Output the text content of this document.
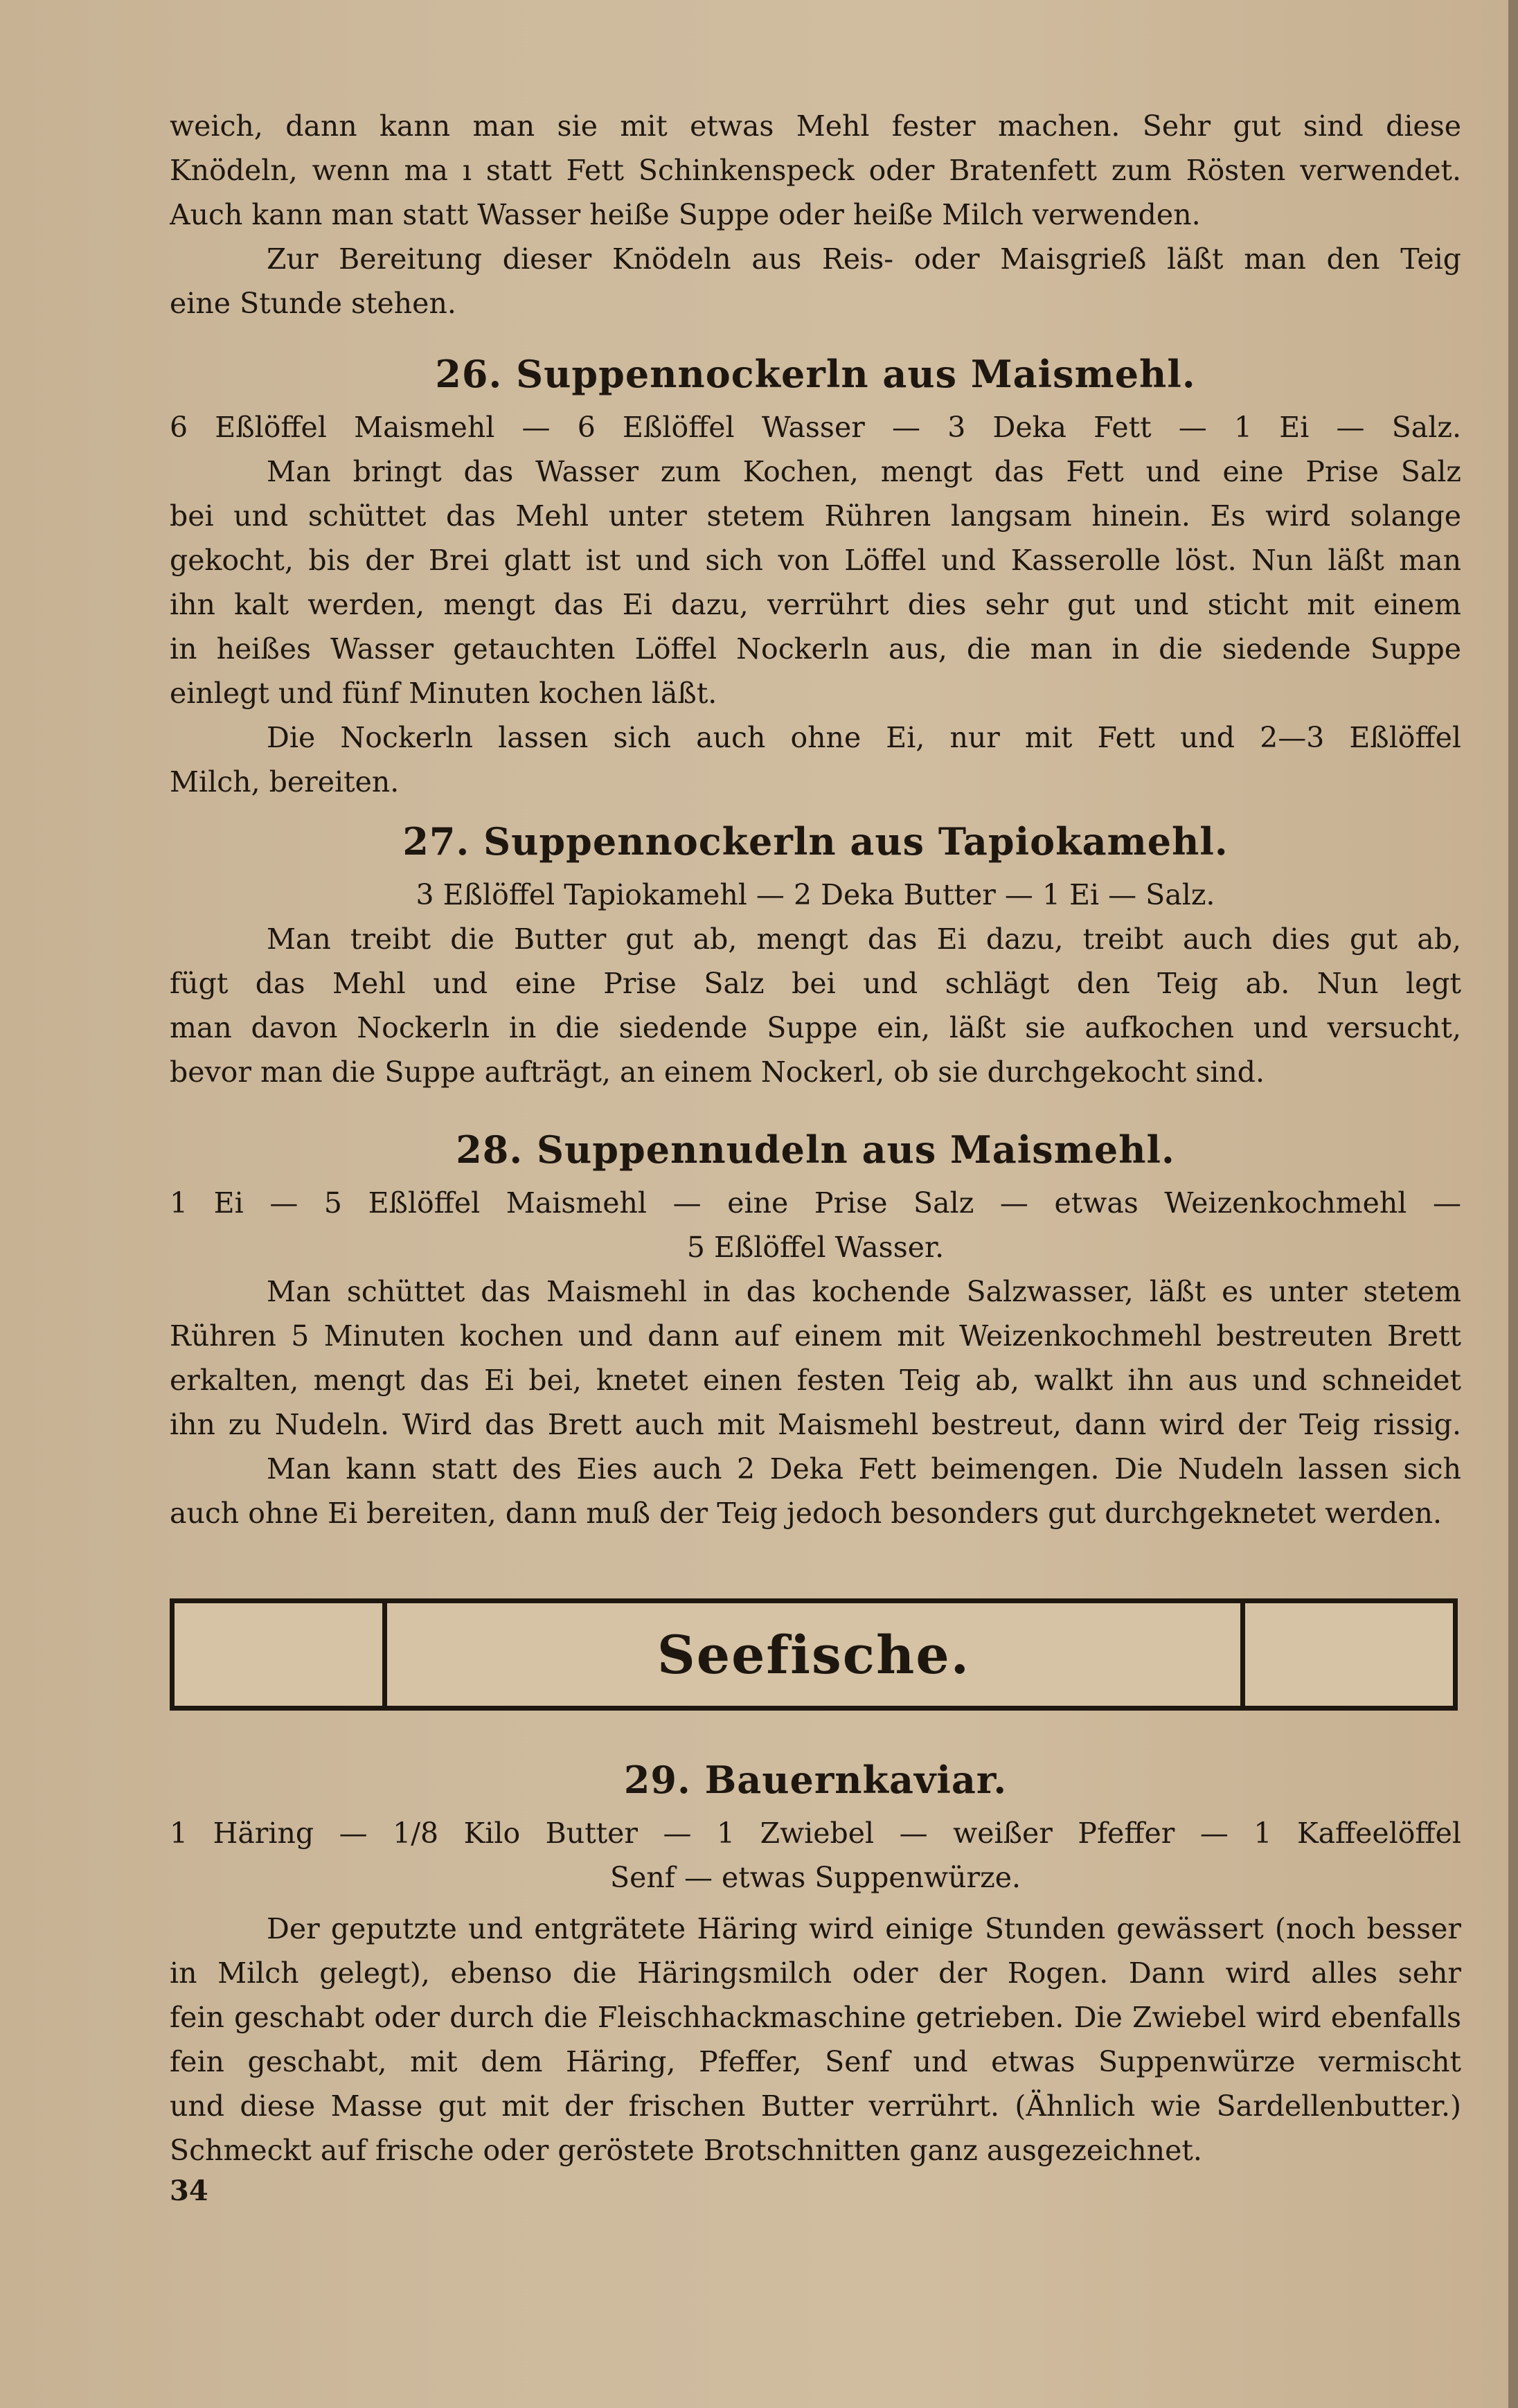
weich, dann kann man sie mit etwas Mehl fester machen. Sehr gut sind diese

Knödeln, wenn ma ı statt Fett Schinkenspeck oder Bratenfett zum Rösten verwendet.

Auch kann man statt Wasser heiße Suppe oder heiße Milch verwenden.

Zur Bereitung dieser Knödeln aus Reis- oder Maisgrieß läßt man den Teig

eine Stunde stehen.

26. Suppennockerln aus Maismehl.

6 Eßlöffel Maismehl — 6 Eßlöffel Wasser — 3 Deka Fett — 1 Ei — Salz.

Man bringt das Wasser zum Kochen, mengt das Fett und eine Prise Salz

bei und schüttet das Mehl unter stetem Rühren langsam hinein. Es wird solange

gekocht, bis der Brei glatt ist und sich von Löffel und Kasserolle löst. Nun läßt man

ihn kalt werden, mengt das Ei dazu, verrührt dies sehr gut und sticht mit einem

in heißes Wasser getauchten Löffel Nockerln aus, die man in die siedende Suppe

einlegt und fünf Minuten kochen läßt.

Die Nockerln lassen sich auch ohne Ei, nur mit Fett und 2—3 Eßlöffel

Milch, bereiten.

27. Suppennockerln aus Tapiokamehl.

3 Eßlöffel Tapiokamehl — 2 Deka Butter — 1 Ei — Salz.

Man treibt die Butter gut ab, mengt das Ei dazu, treibt auch dies gut ab,

fügt das Mehl und eine Prise Salz bei und schlägt den Teig ab. Nun legt

man davon Nockerln in die siedende Suppe ein, läßt sie aufkochen und versucht,

bevor man die Suppe aufträgt, an einem Nockerl, ob sie durchgekocht sind.

28. Suppennudeln aus Maismehl.

1 Ei — 5 Eßlöffel Maismehl — eine Prise Salz — etwas Weizenkochmehl —

5 Eßlöffel Wasser.

Man schüttet das Maismehl in das kochende Salzwasser, läßt es unter stetem

Rühren 5 Minuten kochen und dann auf einem mit Weizenkochmehl bestreuten Brett

erkalten, mengt das Ei bei, knetet einen festen Teig ab, walkt ihn aus und schneidet

ihn zu Nudeln. Wird das Brett auch mit Maismehl bestreut, dann wird der Teig rissig.

Man kann statt des Eies auch 2 Deka Fett beimengen. Die Nudeln lassen sich

auch ohne Ei bereiten, dann muß der Teig jedoch besonders gut durchgeknetet werden.

Seefische.
29. Bauernkaviar.

1 Häring — 1/8 Kilo Butter — 1 Zwiebel — weißer Pfeffer — 1 Kaffeelöffel

Senf — etwas Suppenwürze.

Der geputzte und entgrätete Häring wird einige Stunden gewässert (noch besser

in Milch gelegt), ebenso die Häringsmilch oder der Rogen. Dann wird alles sehr

fein geschabt oder durch die Fleischhackmaschine getrieben. Die Zwiebel wird ebenfalls

fein geschabt, mit dem Häring, Pfeffer, Senf und etwas Suppenwürze vermischt

und diese Masse gut mit der frischen Butter verrührt. (Ähnlich wie Sardellenbutter.)

Schmeckt auf frische oder geröstete Brotschnitten ganz ausgezeichnet.

34
